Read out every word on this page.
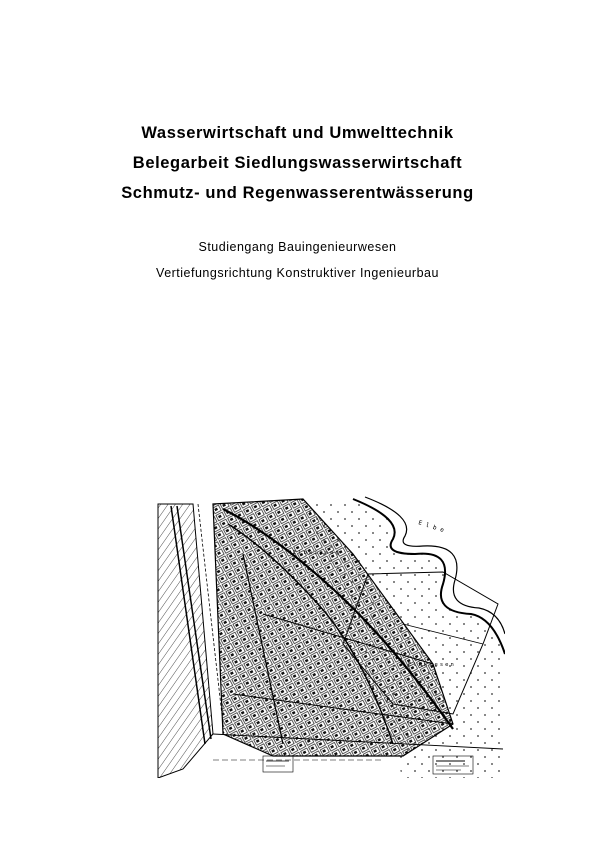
Wasserwirtschaft und Umwelttechnik

Belegarbeit Siedlungswasserwirtschaft

Schmutz- und Regenwasserentwässerung

Studiengang Bauingenieurwesen

Vertiefungsrichtung Konstruktiver Ingenieurbau

Elbe
Elbwiesen
Elbwiesen
